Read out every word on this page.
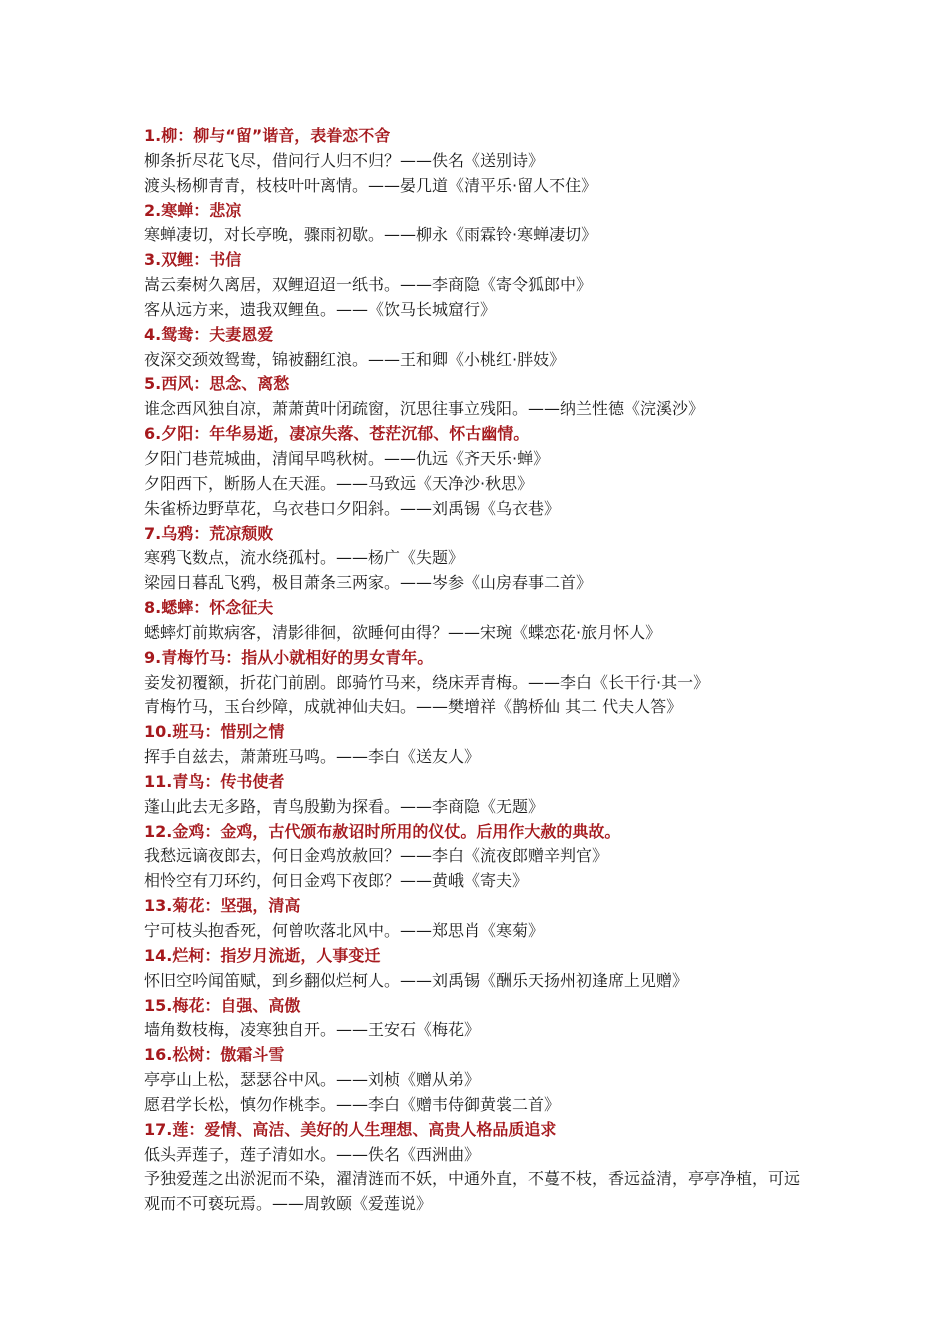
1.柳：柳与“留”谐音，表眷恋不舍
柳条折尽花飞尽，借问行人归不归？——佚名《送别诗》
渡头杨柳青青，枝枝叶叶离情。——晏几道《清平乐·留人不住》
2.寒蝉：悲凉
寒蝉凄切，对长亭晚，骤雨初歇。——柳永《雨霖铃·寒蝉凄切》
3.双鲤：书信
嵩云秦树久离居，双鲤迢迢一纸书。——李商隐《寄令狐郎中》
客从远方来，遗我双鲤鱼。——《饮马长城窟行》
4.鸳鸯：夫妻恩爱
夜深交颈效鸳鸯，锦被翻红浪。——王和卿《小桃红·胖妓》
5.西风：思念、离愁
谁念西风独自凉，萧萧黄叶闭疏窗，沉思往事立残阳。——纳兰性德《浣溪沙》
6.夕阳：年华易逝，凄凉失落、苍茫沉郁、怀古幽情。
夕阳门巷荒城曲，清闻早鸣秋树。——仇远《齐天乐·蝉》
夕阳西下，断肠人在天涯。——马致远《天净沙·秋思》
朱雀桥边野草花，乌衣巷口夕阳斜。——刘禹锡《乌衣巷》
7.乌鸦：荒凉颓败
寒鸦飞数点，流水绕孤村。——杨广《失题》
梁园日暮乱飞鸦，极目萧条三两家。——岑参《山房春事二首》
8.蟋蟀：怀念征夫
蟋蟀灯前欺病客，清影徘徊，欲睡何由得？——宋琬《蝶恋花·旅月怀人》
9.青梅竹马：指从小就相好的男女青年。
妾发初覆额，折花门前剧。郎骑竹马来，绕床弄青梅。——李白《长干行·其一》
青梅竹马，玉台纱障，成就神仙夫妇。——樊增祥《鹊桥仙 其二 代夫人答》
10.班马：惜别之情
挥手自兹去，萧萧班马鸣。——李白《送友人》
11.青鸟：传书使者
蓬山此去无多路，青鸟殷勤为探看。——李商隐《无题》
12.金鸡：金鸡，古代颁布赦诏时所用的仪仗。后用作大赦的典故。
我愁远谪夜郎去，何日金鸡放赦回？——李白《流夜郎赠辛判官》
相怜空有刀环约，何日金鸡下夜郎？——黄峨《寄夫》
13.菊花：坚强，清高
宁可枝头抱香死，何曾吹落北风中。——郑思肖《寒菊》
14.烂柯：指岁月流逝，人事变迁
怀旧空吟闻笛赋，到乡翻似烂柯人。——刘禹锡《酬乐天扬州初逢席上见赠》
15.梅花：自强、高傲
墙角数枝梅，凌寒独自开。——王安石《梅花》
16.松树：傲霜斗雪
亭亭山上松，瑟瑟谷中风。——刘桢《赠从弟》
愿君学长松，慎勿作桃李。——李白《赠韦侍御黄裳二首》
17.莲：爱情、高洁、美好的人生理想、高贵人格品质追求
低头弄莲子，莲子清如水。——佚名《西洲曲》
予独爱莲之出淤泥而不染，濯清涟而不妖，中通外直，不蔓不枝，香远益清，亭亭净植，可远观而不可亵玩焉。——周敦颐《爱莲说》
